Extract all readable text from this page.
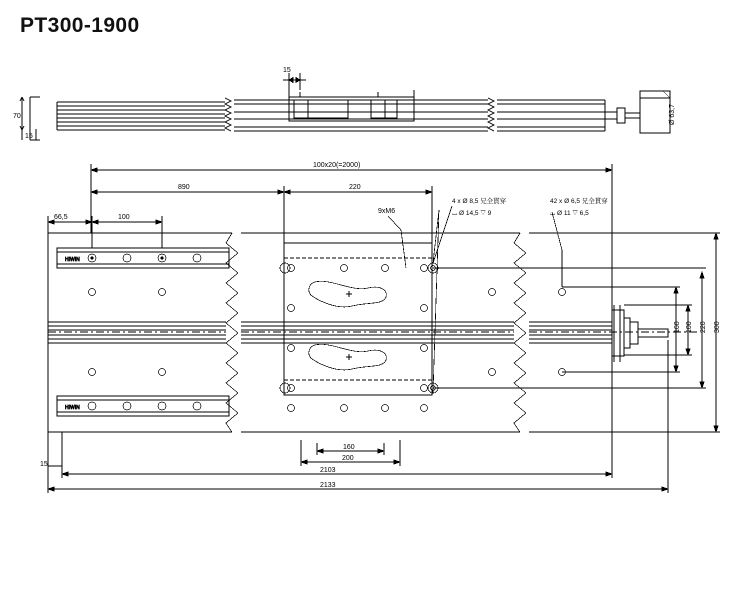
PT300-1900
HIWIN
HIWIN
15
70
15
Ø 63,7
100x20(=2000)
890	220
66,5	100
160
200
2103
2133
15
100
160	220 300
9xM6
4 x Ø 8,5 兄全貫穿
⌴ Ø 14,5 ▽ 9
42 x Ø 6,5 兄全貫穿
⌴ Ø 11 ▽ 6,5
